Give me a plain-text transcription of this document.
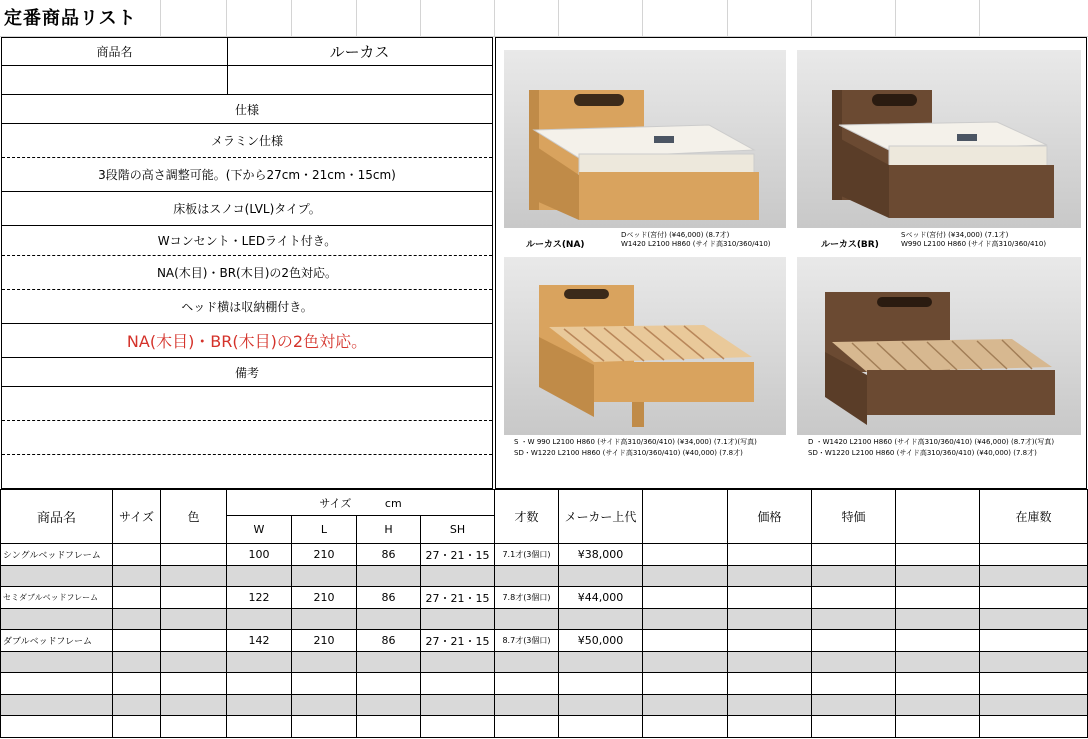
定番商品リスト
商品名	ルーカス
仕様
メラミン仕様
3段階の高さ調整可能。(下から27cm・21cm・15cm)
床板はスノコ(LVL)タイプ。
Wコンセント・LEDライト付き。
NA(木目)・BR(木目)の2色対応。
ヘッド横は収納棚付き。
NA(木目)・BR(木目)の2色対応。
備考
ルーカス(NA)
Dベッド(宮付) (¥46,000) (8.7才)
W1420 L2100 H860 (サイド高310/360/410)	ルーカス(BR)
Sベッド(宮付) (¥34,000) (7.1才)
W990 L2100 H860 (サイド高310/360/410)
S ・W 990 L2100 H860 (サイド高310/360/410) (¥34,000) (7.1才)(写真)
SD・W1220 L2100 H860 (サイド高310/360/410) (¥40,000) (7.8才)
D ・W1420 L2100 H860 (サイド高310/360/410) (¥46,000) (8.7才)(写真)
SD・W1220 L2100 H860 (サイド高310/360/410) (¥40,000) (7.8才)
商品名	サイズ	色	サイズ cm				才数	メーカー上代		価格	特価		在庫数
			W	L	H	SH							
シングルベッドフレーム			100	210	86	27・21・15	7.1才(3個口)	¥38,000					

セミダブルベッドフレーム			122	210	86	27・21・15	7.8才(3個口)	¥44,000					

ダブルベッドフレーム			142	210	86	27・21・15	8.7才(3個口)	¥50,000					
